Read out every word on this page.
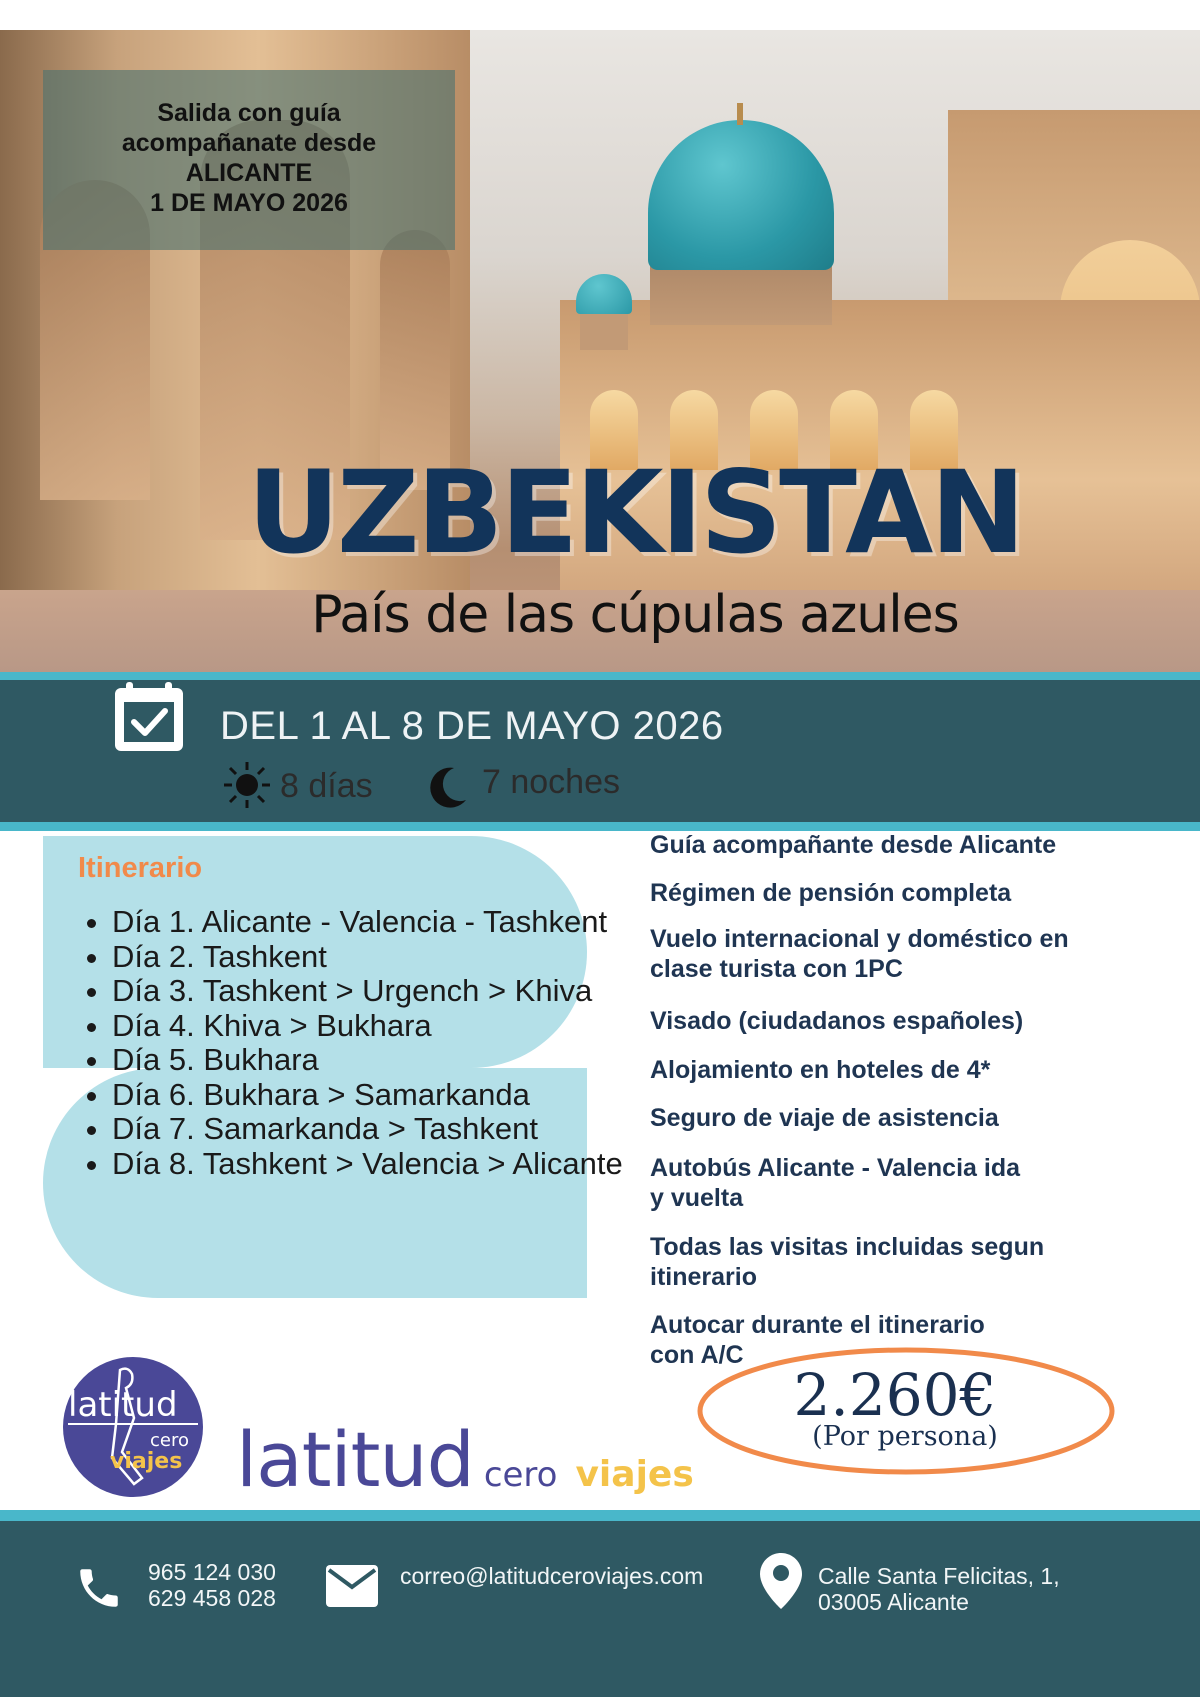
Salida con guía
acompañanate desde
ALICANTE
1 DE MAYO 2026
UZBEKISTAN
País de las cúpulas azules
DEL 1 AL 8 DE MAYO 2026
8 días	7 noches
Itinerario
• Día 1. Alicante - Valencia - Tashkent
• Día 2. Tashkent
• Día 3. Tashkent > Urgench > Khiva
• Día 4. Khiva > Bukhara
• Día 5. Bukhara
• Día 6. Bukhara > Samarkanda
• Día 7. Samarkanda > Tashkent
• Día 8. Tashkent > Valencia > Alicante
Guía acompañante desde Alicante
Régimen de pensión completa
Vuelo internacional y doméstico en
clase turista con 1PC
Visado (ciudadanos españoles)
Alojamiento en hoteles de 4*
Seguro de viaje de asistencia
Autobús Alicante - Valencia ida
y vuelta
Todas las visitas incluidas segun
itinerario
Autocar durante el itinerario
con A/C
2.260€
(Por persona)
latitud
cero
viajes latitud cero viajes
965 124 030
629 458 028
correo@latitudceroviajes.com	Calle Santa Felicitas, 1,
03005 Alicante
